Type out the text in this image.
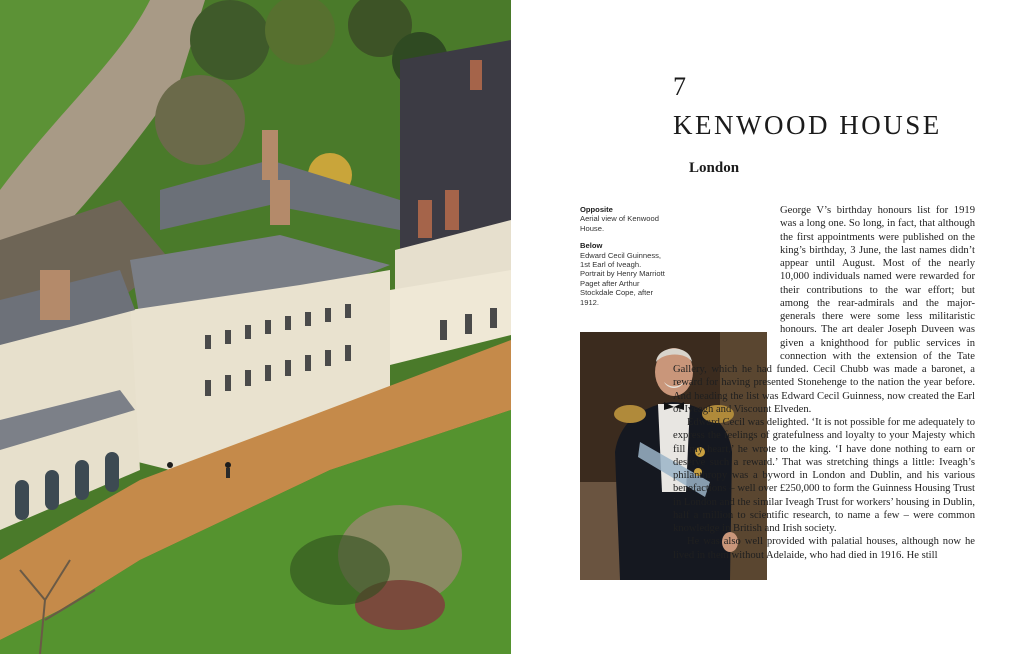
7
KENWOOD HOUSE
London
Opposite
Aerial view of Kenwood House.
Below
Edward Cecil Guinness, 1st Earl of Iveagh. Portrait by Henry Marriott Paget after Arthur Stockdale Cope, after 1912.

George V’s birthday honours list for 1919 was a long one. So long, in fact, that although the first appointments were published on the king’s birthday, 3 June, the last names didn’t appear until August. Most of the nearly 10,000 individuals named were rewarded for their contributions to the war effort; but among the rear-admirals and the major-generals there were some less militaristic honours. The art dealer Joseph Duveen was given a knighthood for public services in connection with the extension of the Tate Gallery, which he had funded. Cecil Chubb was made a baronet, a reward for having presented Stonehenge to the nation the year before. And heading the list was Edward Cecil Guinness, now created the Earl of Iveagh and Viscount Elveden.

Edward Cecil was delighted. ‘It is not possible for me adequately to express the feelings of gratefulness and loyalty to your Majesty which fill my heart,’ he wrote to the king. ‘I have done nothing to earn or deserve such a reward.’ That was stretching things a little: Iveagh’s philanthropy was a byword in London and Dublin, and his various benefactions – well over £250,000 to form the Guinness Housing Trust in London and the similar Iveagh Trust for workers’ housing in Dublin, half a million to scientific research, to name a few – were common knowledge in British and Irish society.

He was also well provided with palatial houses, although now he lived in them without Adelaide, who had died in 1916. He still
